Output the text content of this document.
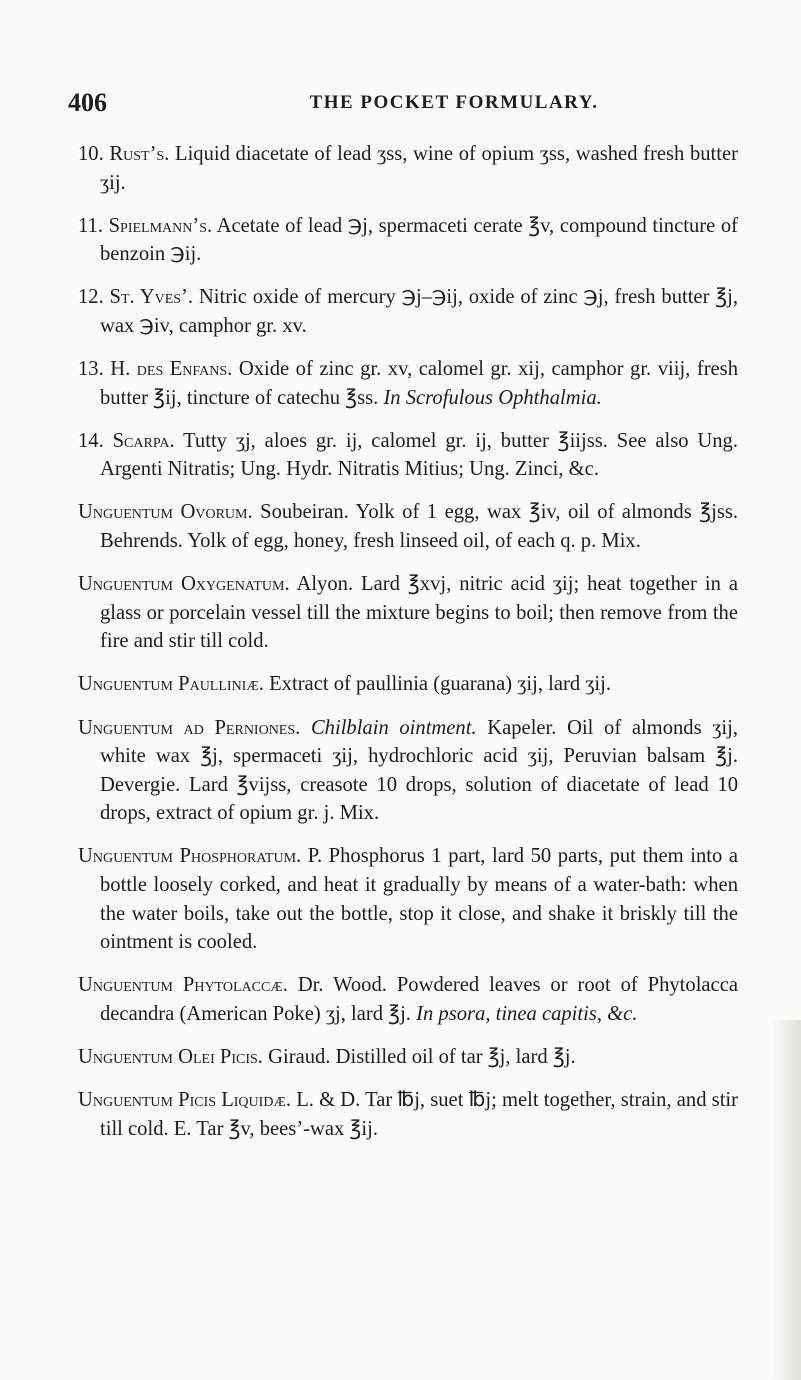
406	THE POCKET FORMULARY.

10. Rust’s. Liquid diacetate of lead ʒss, wine of opium ʒss, washed fresh butter ʒij.

11. Spielmann’s. Acetate of lead ℈j, spermaceti cerate ℥v, compound tincture of benzoin ℈ij.

12. St. Yves’. Nitric oxide of mercury ℈j–℈ij, oxide of zinc ℈j, fresh butter ℥j, wax ℈iv, camphor gr. xv.

13. H. des Enfans. Oxide of zinc gr. xv, calomel gr. xij, camphor gr. viij, fresh butter ℥ij, tincture of catechu ℥ss. In Scrofulous Ophthalmia.

14. Scarpa. Tutty ʒj, aloes gr. ij, calomel gr. ij, butter ℥iijss. See also Ung. Argenti Nitratis; Ung. Hydr. Nitratis Mitius; Ung. Zinci, &c.

Unguentum Ovorum. Soubeiran. Yolk of 1 egg, wax ℥iv, oil of almonds ℥jss. Behrends. Yolk of egg, honey, fresh linseed oil, of each q. p. Mix.

Unguentum Oxygenatum. Alyon. Lard ℥xvj, nitric acid ʒij; heat together in a glass or porcelain vessel till the mixture begins to boil; then remove from the fire and stir till cold.

Unguentum Paulliniæ. Extract of paullinia (guarana) ʒij, lard ʒij.

Unguentum ad Perniones. Chilblain ointment. Kapeler. Oil of almonds ʒij, white wax ℥j, spermaceti ʒij, hydrochloric acid ʒij, Peruvian balsam ℥j. Devergie. Lard ℥vijss, creasote 10 drops, solution of diacetate of lead 10 drops, extract of opium gr. j. Mix.

Unguentum Phosphoratum. P. Phosphorus 1 part, lard 50 parts, put them into a bottle loosely corked, and heat it gradually by means of a water-bath: when the water boils, take out the bottle, stop it close, and shake it briskly till the ointment is cooled.

Unguentum Phytolaccæ. Dr. Wood. Powdered leaves or root of Phytolacca decandra (American Poke) ʒj, lard ℥j. In psora, tinea capitis, &c.

Unguentum Olei Picis. Giraud. Distilled oil of tar ℥j, lard ℥j.

Unguentum Picis Liquidæ. L. & D. Tar ℔j, suet ℔j; melt together, strain, and stir till cold. E. Tar ℥v, bees’-wax ℥ij.
